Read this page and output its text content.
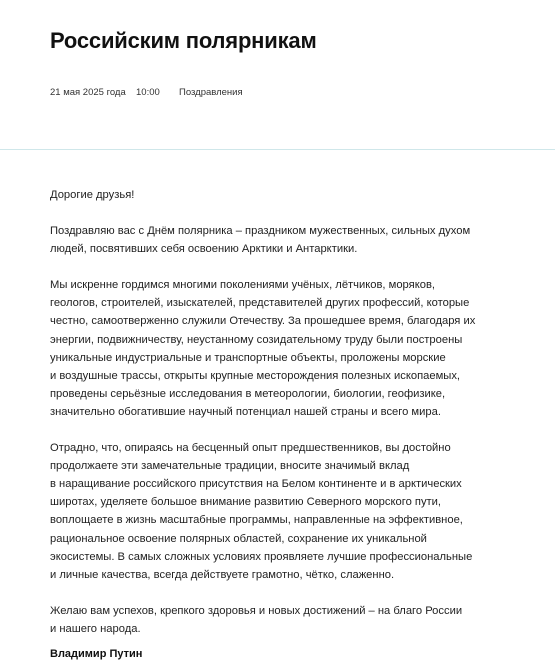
Российским полярникам
21 мая 2025 года 10:00 Поздравления

Дорогие друзья!

Поздравляю вас с Днём полярника – праздником мужественных, сильных духом
людей, посвятивших себя освоению Арктики и Антарктики.

Мы искренне гордимся многими поколениями учёных, лётчиков, моряков,
геологов, строителей, изыскателей, представителей других профессий, которые
честно, самоотверженно служили Отечеству. За прошедшее время, благодаря их
энергии, подвижничеству, неустанному созидательному труду были построены
уникальные индустриальные и транспортные объекты, проложены морские
и воздушные трассы, открыты крупные месторождения полезных ископаемых,
проведены серьёзные исследования в метеорологии, биологии, геофизике,
значительно обогатившие научный потенциал нашей страны и всего мира.

Отрадно, что, опираясь на бесценный опыт предшественников, вы достойно
продолжаете эти замечательные традиции, вносите значимый вклад
в наращивание российского присутствия на Белом континенте и в арктических
широтах, уделяете большое внимание развитию Северного морского пути,
воплощаете в жизнь масштабные программы, направленные на эффективное,
рациональное освоение полярных областей, сохранение их уникальной
экосистемы. В самых сложных условиях проявляете лучшие профессиональные
и личные качества, всегда действуете грамотно, чётко, слаженно.

Желаю вам успехов, крепкого здоровья и новых достижений – на благо России
и нашего народа.

Владимир Путин
